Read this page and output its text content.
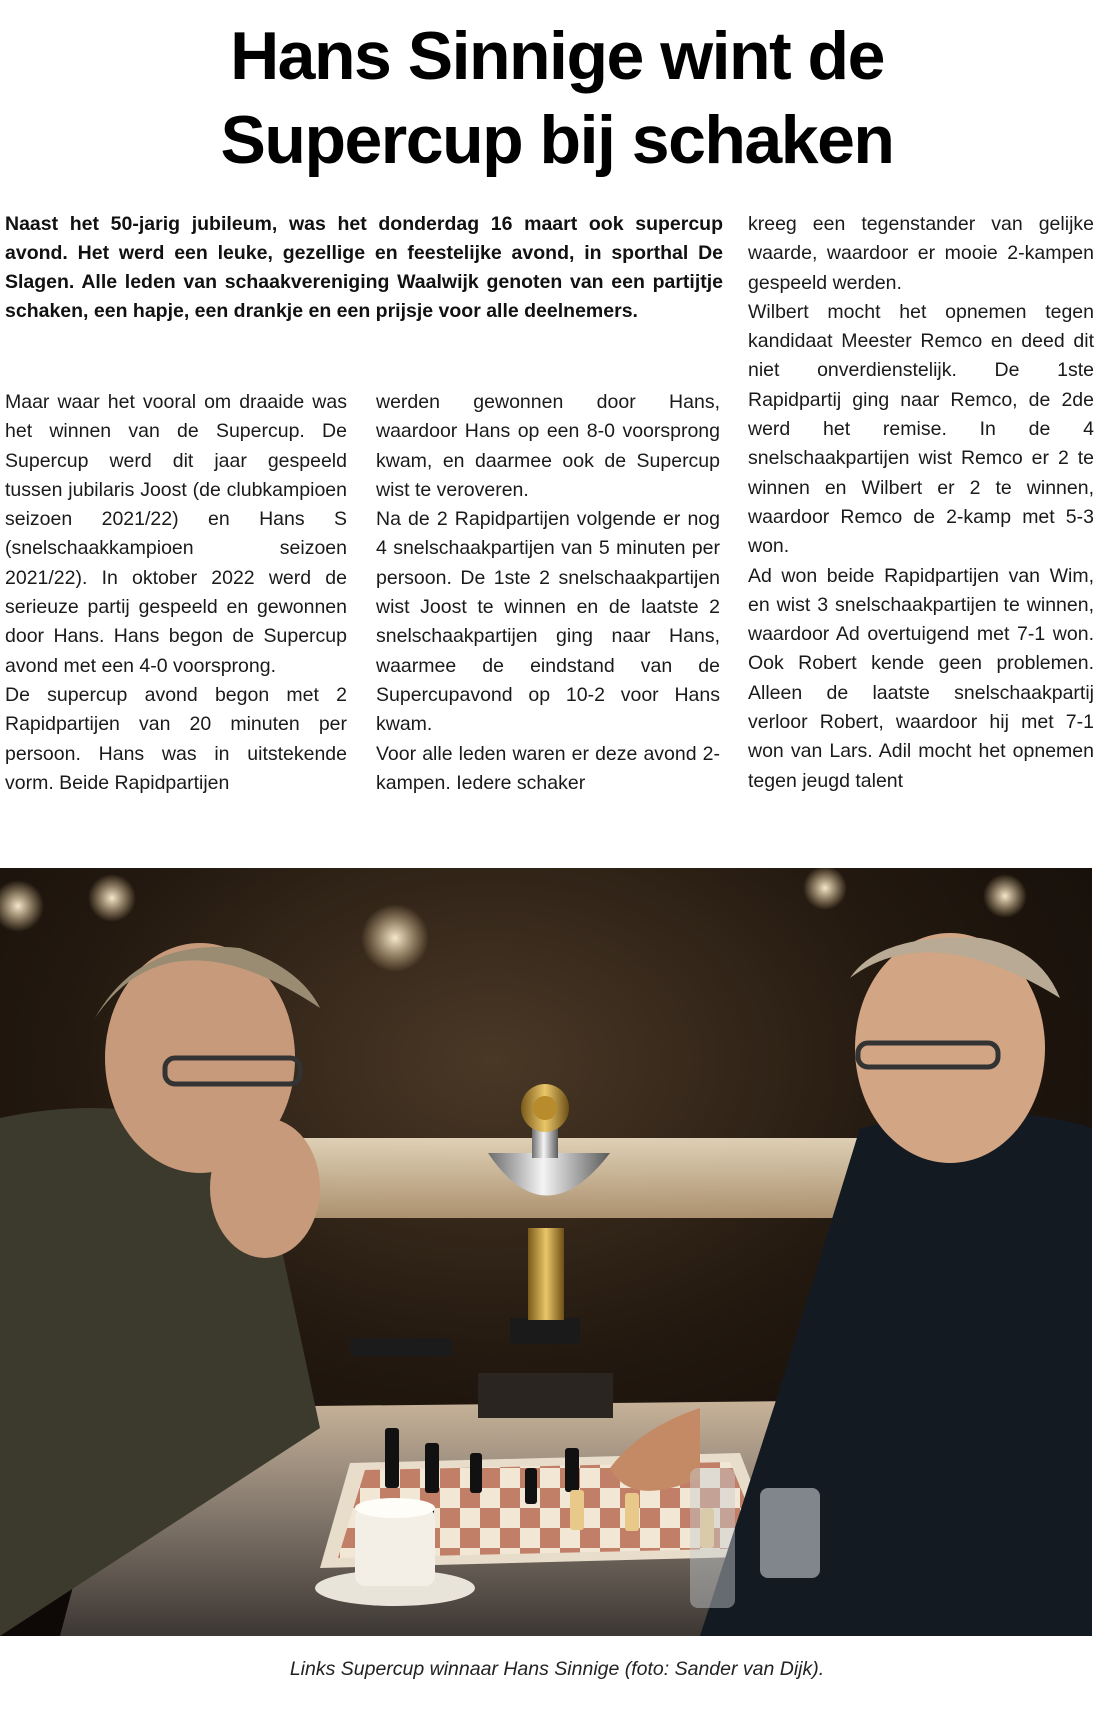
Hans Sinnige wint de
Supercup bij schaken

Naast het 50-jarig jubileum, was het donderdag 16 maart ook supercup avond. Het werd een leuke, gezellige en feestelijke avond, in sporthal De Slagen. Alle leden van schaakvereniging Waalwijk genoten van een partijtje schaken, een hapje, een drankje en een prijsje voor alle deelnemers.

Maar waar het vooral om draaide was het winnen van de Supercup. De Supercup werd dit jaar gespeeld tussen jubilaris Joost (de clubkampioen seizoen 2021/22) en Hans S (snelschaakkampioen seizoen 2021/22). In oktober 2022 werd de serieuze partij gespeeld en gewonnen door Hans. Hans begon de Supercup avond met een 4-0 voorsprong.

De supercup avond begon met 2 Rapidpartijen van 20 minuten per persoon. Hans was in uitstekende vorm. Beide Rapidpartijen

werden gewonnen door Hans, waardoor Hans op een 8-0 voorsprong kwam, en daarmee ook de Supercup wist te veroveren.

Na de 2 Rapidpartijen volgende er nog 4 snelschaakpartijen van 5 minuten per persoon. De 1ste 2 snelschaakpartijen wist Joost te winnen en de laatste 2 snelschaakpartijen ging naar Hans, waarmee de eindstand van de Supercupavond op 10-2 voor Hans kwam.

Voor alle leden waren er deze avond 2-kampen. Iedere schaker

kreeg een tegenstander van gelijke waarde, waardoor er mooie 2-kampen gespeeld werden.

Wilbert mocht het opnemen tegen kandidaat Meester Remco en deed dit niet onverdienstelijk. De 1ste Rapidpartij ging naar Remco, de 2de werd het remise. In de 4 snelschaakpartijen wist Remco er 2 te winnen en Wilbert er 2 te winnen, waardoor Remco de 2-kamp met 5-3 won.

Ad won beide Rapidpartijen van Wim, en wist 3 snelschaakpartijen te winnen, waardoor Ad overtuigend met 7-1 won. Ook Robert kende geen problemen. Alleen de laatste snelschaakpartij verloor Robert, waardoor hij met 7-1 won van Lars. Adil mocht het opnemen tegen jeugd talent

Links Supercup winnaar Hans Sinnige (foto: Sander van Dijk).
